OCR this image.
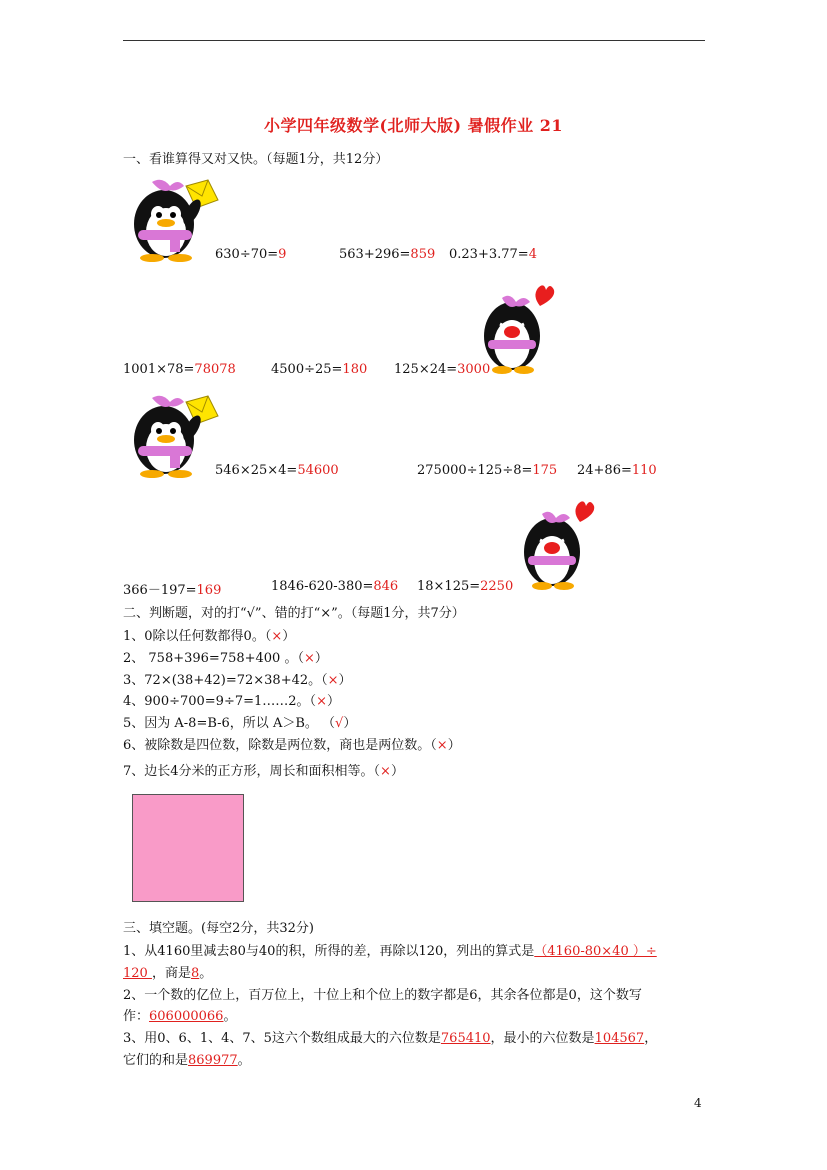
小学四年级数学(北师大版) 暑假作业 21
一、看谁算得又对又快。（每题1分，共12分）
630÷70=9	563+296=859 0.23+3.77=4
1001×78=78078	4500÷25=180 125×24=3000
546×25×4=54600	275000÷125÷8=175 24+86=110
366－197=169	1846-620-380=846 18×125=2250
二、判断题，对的打“√”、错的打“×”。（每题1分，共7分）
1、0除以任何数都得0。（×）
2、 758+396=758+400 。（×）
3、72×(38+42)=72×38+42。（×）
4、900÷700=9÷7=1……2。（×）
5、因为 A-8=B-6，所以 A＞B。 （√）
6、被除数是四位数，除数是两位数，商也是两位数。（×）
7、边长4分米的正方形，周长和面积相等。（×）
三、填空题。(每空2分，共32分)
1、从4160里减去80与40的积，所得的差，再除以120，列出的算式是（4160-80×40 ）÷
120 ，商是8。
2、一个数的亿位上，百万位上，十位上和个位上的数字都是6，其余各位都是0，这个数写
作：606000066。
3、用0、6、1、4、7、5这六个数组成最大的六位数是765410，最小的六位数是104567，
它们的和是869977。
4
